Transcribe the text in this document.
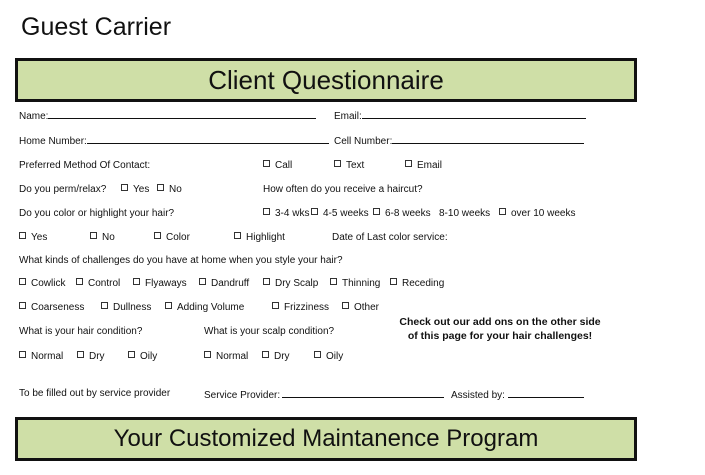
Guest Carrier
Client Questionnaire
Name:	Email:
Home Number:	Cell Number:
Preferred Method Of Contact:	Call	Text	Email
Do you perm/relax?	Yes	No	How often do you receive a haircut?
Do you color or highlight your hair?	3-4 wks	4-5 weeks	6-8 weeks 8-10 weeks	over 10 weeks
Yes	No	Color	Highlight	Date of Last color service:
What kinds of challenges do you have at home when you style your hair?
Cowlick	Control	Flyaways	Dandruff	Dry Scalp	Thinning	Receding
Coarseness	Dullness	Adding Volume	Frizziness	Other
Check out our add ons on the other side
of this page for your hair challenges!
What is your hair condition?	What is your scalp condition?
Normal	Dry	Oily	Normal	Dry	Oily
To be filled out by service provider	Service Provider:	Assisted by:
Your Customized Maintanence Program
